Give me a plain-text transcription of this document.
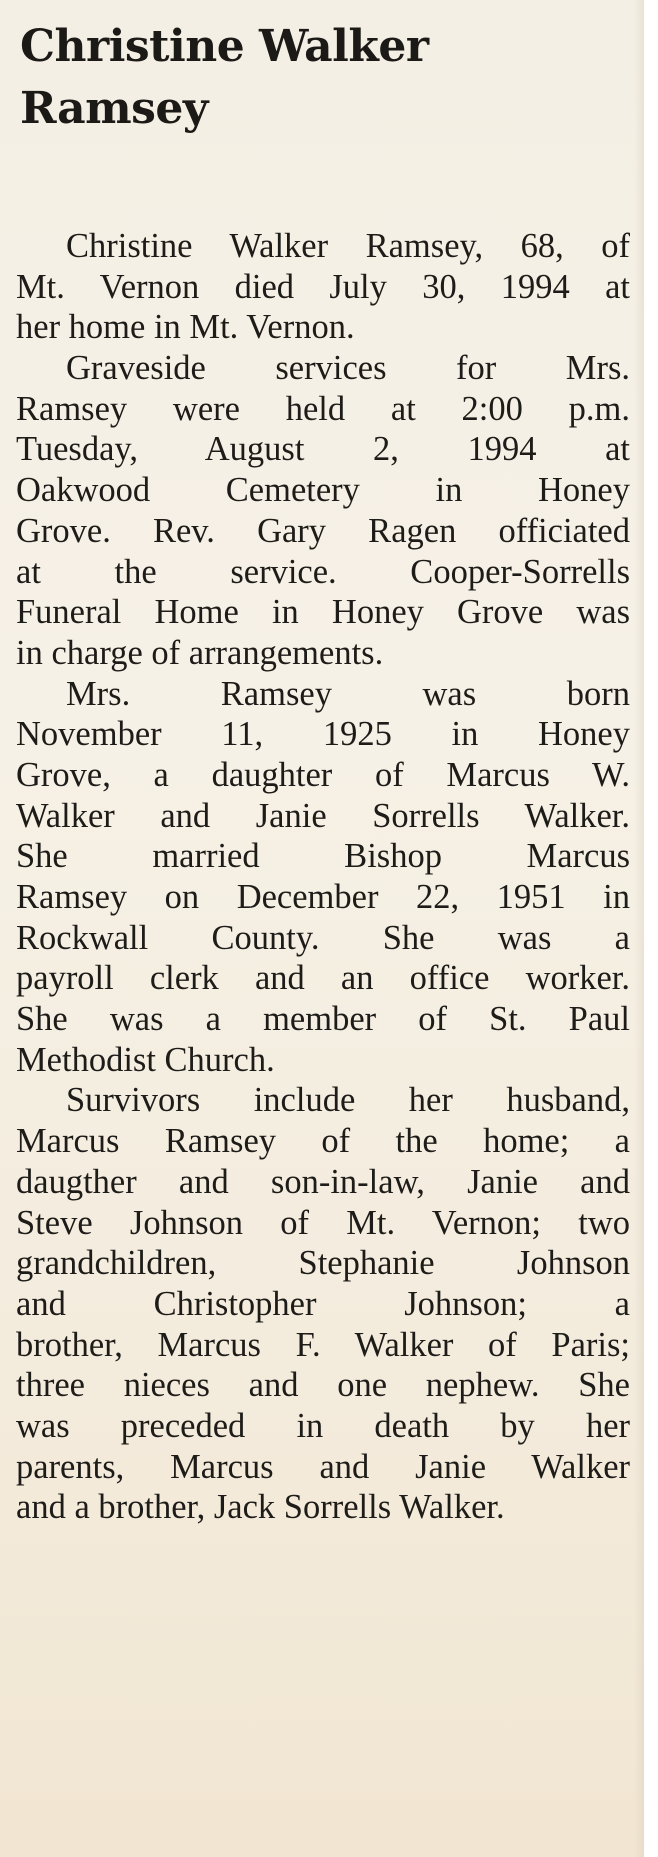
Christine Walker
Ramsey
Christine Walker Ramsey, 68, of
Mt. Vernon died July 30, 1994 at
her home in Mt. Vernon.
Graveside services for Mrs.
Ramsey were held at 2:00 p.m.
Tuesday, August 2, 1994 at
Oakwood Cemetery in Honey
Grove. Rev. Gary Ragen officiated
at the service. Cooper-Sorrells
Funeral Home in Honey Grove was
in charge of arrangements.
Mrs. Ramsey was born
November 11, 1925 in Honey
Grove, a daughter of Marcus W.
Walker and Janie Sorrells Walker.
She married Bishop Marcus
Ramsey on December 22, 1951 in
Rockwall County. She was a
payroll clerk and an office worker.
She was a member of St. Paul
Methodist Church.
Survivors include her husband,
Marcus Ramsey of the home; a
daugther and son-in-law, Janie and
Steve Johnson of Mt. Vernon; two
grandchildren, Stephanie Johnson
and Christopher Johnson; a
brother, Marcus F. Walker of Paris;
three nieces and one nephew. She
was preceded in death by her
parents, Marcus and Janie Walker
and a brother, Jack Sorrells Walker.
